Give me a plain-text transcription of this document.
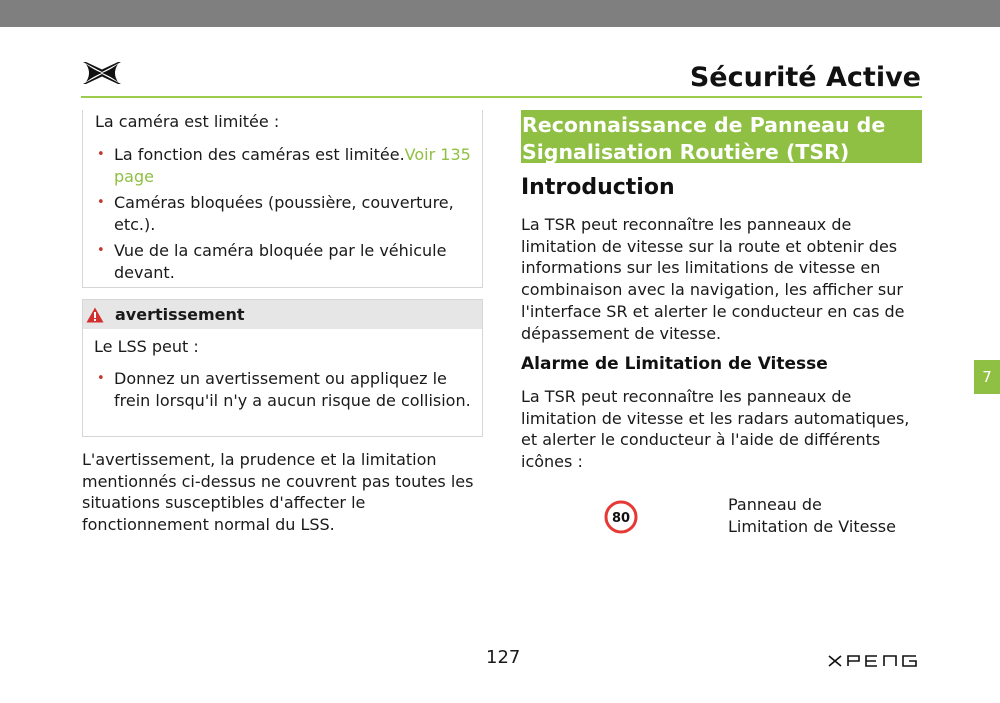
Sécurité Active
La caméra est limitée :
• La fonction des caméras est limitée.Voir 135 page
• Caméras bloquées (poussière, couverture, etc.).
• Vue de la caméra bloquée par le véhicule devant.
avertissement
Le LSS peut :
• Donnez un avertissement ou appliquez le frein lorsqu'il n'y a aucun risque de collision.
L'avertissement, la prudence et la limitation mentionnés ci-dessus ne couvrent pas toutes les situations susceptibles d'affecter le fonctionnement normal du LSS.
Reconnaissance de Panneau de
Signalisation Routière (TSR)
Introduction
La TSR peut reconnaître les panneaux de limitation de vitesse sur la route et obtenir des informations sur les limitations de vitesse en combinaison avec la navigation, les afficher sur l'interface SR et alerter le conducteur en cas de dépassement de vitesse.
Alarme de Limitation de Vitesse
La TSR peut reconnaître les panneaux de limitation de vitesse et les radars automatiques, et alerter le conducteur à l'aide de différents icônes :
80
Panneau de
Limitation de Vitesse
7
127
